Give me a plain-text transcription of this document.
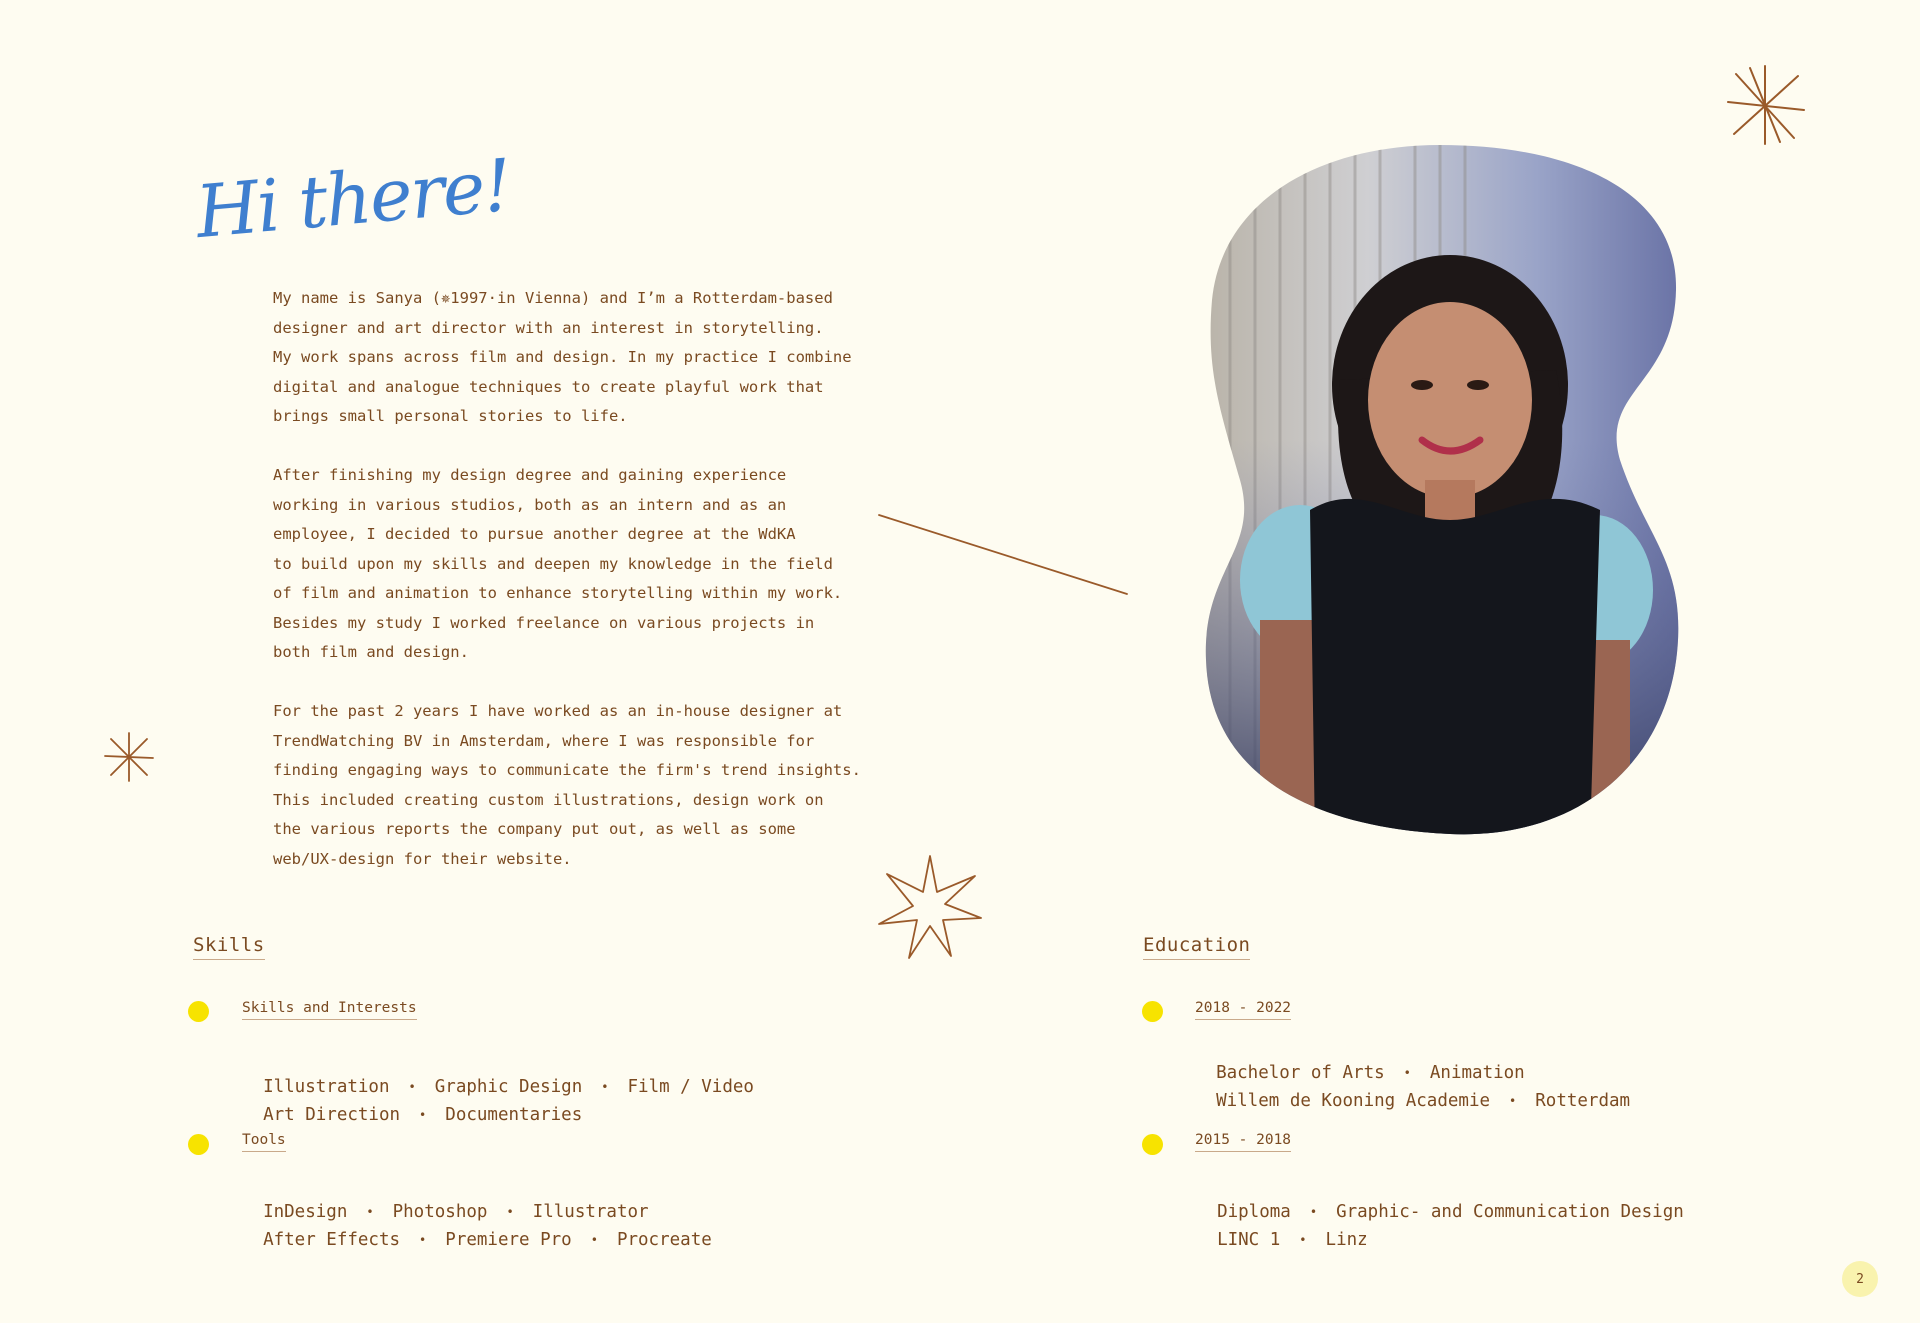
Hi there!

My name is Sanya (✵1997·in Vienna) and I’m a Rotterdam-based
designer and art director with an interest in storytelling.
My work spans across film and design. In my practice I combine
digital and analogue techniques to create playful work that
brings small personal stories to life.

After finishing my design degree and gaining experience
working in various studios, both as an intern and as an
employee, I decided to pursue another degree at the WdKA
to build upon my skills and deepen my knowledge in the field
of film and animation to enhance storytelling within my work.
Besides my study I worked freelance on various projects in
both film and design.

For the past 2 years I have worked as an in-house designer at
TrendWatching BV in Amsterdam, where I was responsible for
finding engaging ways to communicate the firm's trend insights.
This included creating custom illustrations, design work on
the various reports the company put out, as well as some
web/UX-design for their website.

Skills
Skills and Interests

Illustration • Graphic Design • Film / Video

Art Direction • Documentaries

Tools

InDesign • Photoshop • Illustrator

After Effects • Premiere Pro • Procreate

Education
2018 - 2022

Bachelor of Arts • Animation

Willem de Kooning Academie • Rotterdam

2015 - 2018

Diploma • Graphic- and Communication Design

LINC 1 • Linz

2
